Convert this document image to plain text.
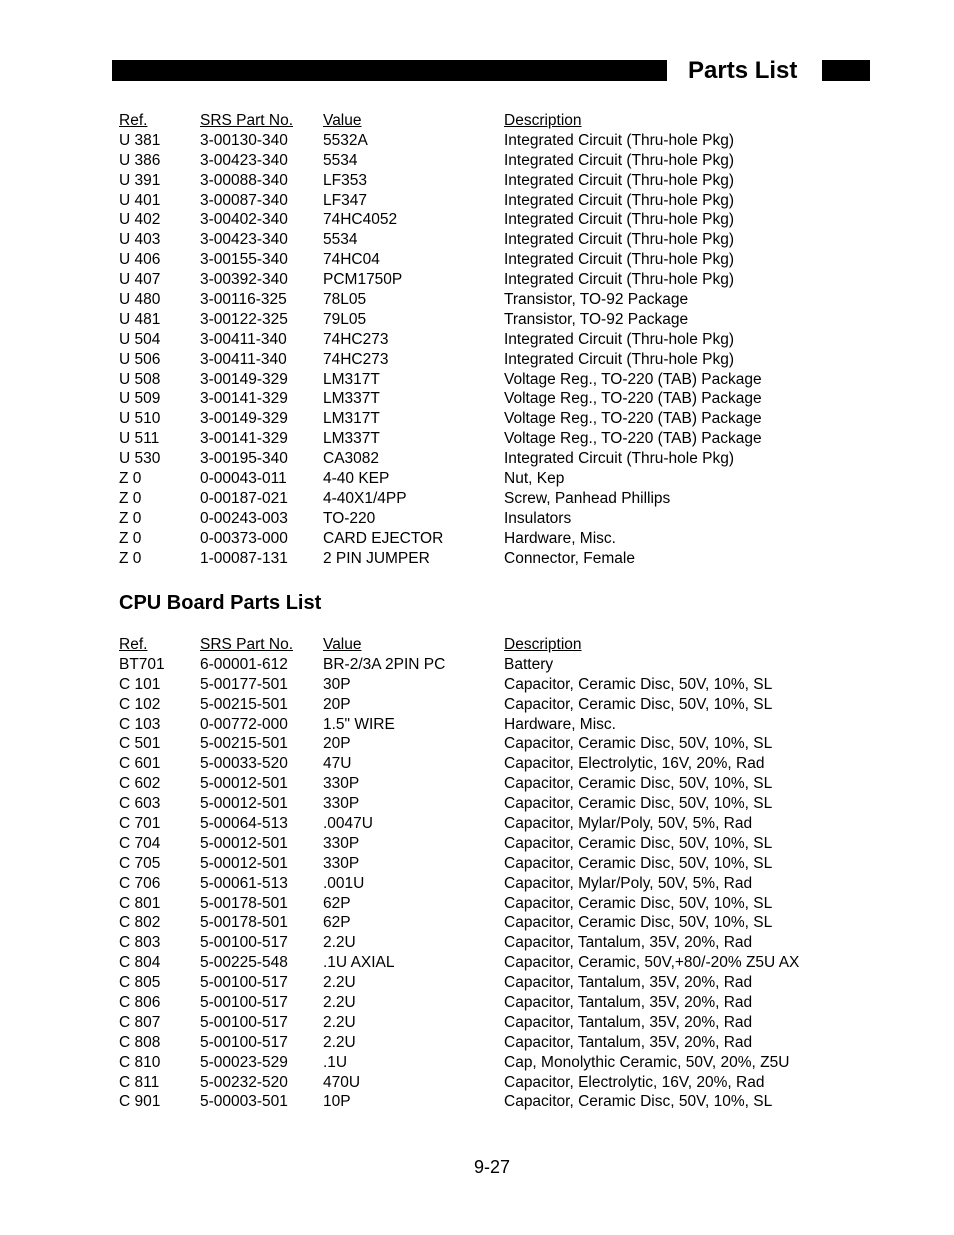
Parts List
Ref.	SRS Part No. Value	Description
U 381	3-00130-340 5532A	Integrated Circuit (Thru-hole Pkg)
U 386	3-00423-340 5534	Integrated Circuit (Thru-hole Pkg)
U 391	3-00088-340 LF353	Integrated Circuit (Thru-hole Pkg)
U 401	3-00087-340 LF347	Integrated Circuit (Thru-hole Pkg)
U 402	3-00402-340 74HC4052	Integrated Circuit (Thru-hole Pkg)
U 403	3-00423-340 5534	Integrated Circuit (Thru-hole Pkg)
U 406	3-00155-340 74HC04	Integrated Circuit (Thru-hole Pkg)
U 407	3-00392-340 PCM1750P	Integrated Circuit (Thru-hole Pkg)
U 480	3-00116-325 78L05	Transistor, TO-92 Package
U 481	3-00122-325 79L05	Transistor, TO-92 Package
U 504	3-00411-340 74HC273	Integrated Circuit (Thru-hole Pkg)
U 506	3-00411-340 74HC273	Integrated Circuit (Thru-hole Pkg)
U 508	3-00149-329 LM317T	Voltage Reg., TO-220 (TAB) Package
U 509	3-00141-329 LM337T	Voltage Reg., TO-220 (TAB) Package
U 510	3-00149-329 LM317T	Voltage Reg., TO-220 (TAB) Package
U 511	3-00141-329 LM337T	Voltage Reg., TO-220 (TAB) Package
U 530	3-00195-340 CA3082	Integrated Circuit (Thru-hole Pkg)
Z 0	0-00043-011 4-40 KEP	Nut, Kep
Z 0	0-00187-021 4-40X1/4PP	Screw, Panhead Phillips
Z 0	0-00243-003 TO-220	Insulators
Z 0	0-00373-000 CARD EJECTOR	Hardware, Misc.
Z 0	1-00087-131 2 PIN JUMPER	Connector, Female
CPU Board Parts List
Ref.	SRS Part No. Value	Description
BT701 6-00001-612 BR-2/3A 2PIN PC	Battery
C 101	5-00177-501 30P	Capacitor, Ceramic Disc, 50V, 10%, SL
C 102	5-00215-501 20P	Capacitor, Ceramic Disc, 50V, 10%, SL
C 103	0-00772-000 1.5" WIRE	Hardware, Misc.
C 501	5-00215-501 20P	Capacitor, Ceramic Disc, 50V, 10%, SL
C 601	5-00033-520 47U	Capacitor, Electrolytic, 16V, 20%, Rad
C 602	5-00012-501 330P	Capacitor, Ceramic Disc, 50V, 10%, SL
C 603	5-00012-501 330P	Capacitor, Ceramic Disc, 50V, 10%, SL
C 701	5-00064-513 .0047U	Capacitor, Mylar/Poly, 50V, 5%, Rad
C 704	5-00012-501 330P	Capacitor, Ceramic Disc, 50V, 10%, SL
C 705	5-00012-501 330P	Capacitor, Ceramic Disc, 50V, 10%, SL
C 706	5-00061-513 .001U	Capacitor, Mylar/Poly, 50V, 5%, Rad
C 801	5-00178-501 62P	Capacitor, Ceramic Disc, 50V, 10%, SL
C 802	5-00178-501 62P	Capacitor, Ceramic Disc, 50V, 10%, SL
C 803	5-00100-517 2.2U	Capacitor, Tantalum, 35V, 20%, Rad
C 804	5-00225-548 .1U AXIAL	Capacitor, Ceramic, 50V,+80/-20% Z5U AX
C 805	5-00100-517 2.2U	Capacitor, Tantalum, 35V, 20%, Rad
C 806	5-00100-517 2.2U	Capacitor, Tantalum, 35V, 20%, Rad
C 807	5-00100-517 2.2U	Capacitor, Tantalum, 35V, 20%, Rad
C 808	5-00100-517 2.2U	Capacitor, Tantalum, 35V, 20%, Rad
C 810	5-00023-529 .1U	Cap, Monolythic Ceramic, 50V, 20%, Z5U
C 811	5-00232-520 470U	Capacitor, Electrolytic, 16V, 20%, Rad
C 901	5-00003-501 10P	Capacitor, Ceramic Disc, 50V, 10%, SL
9-27
